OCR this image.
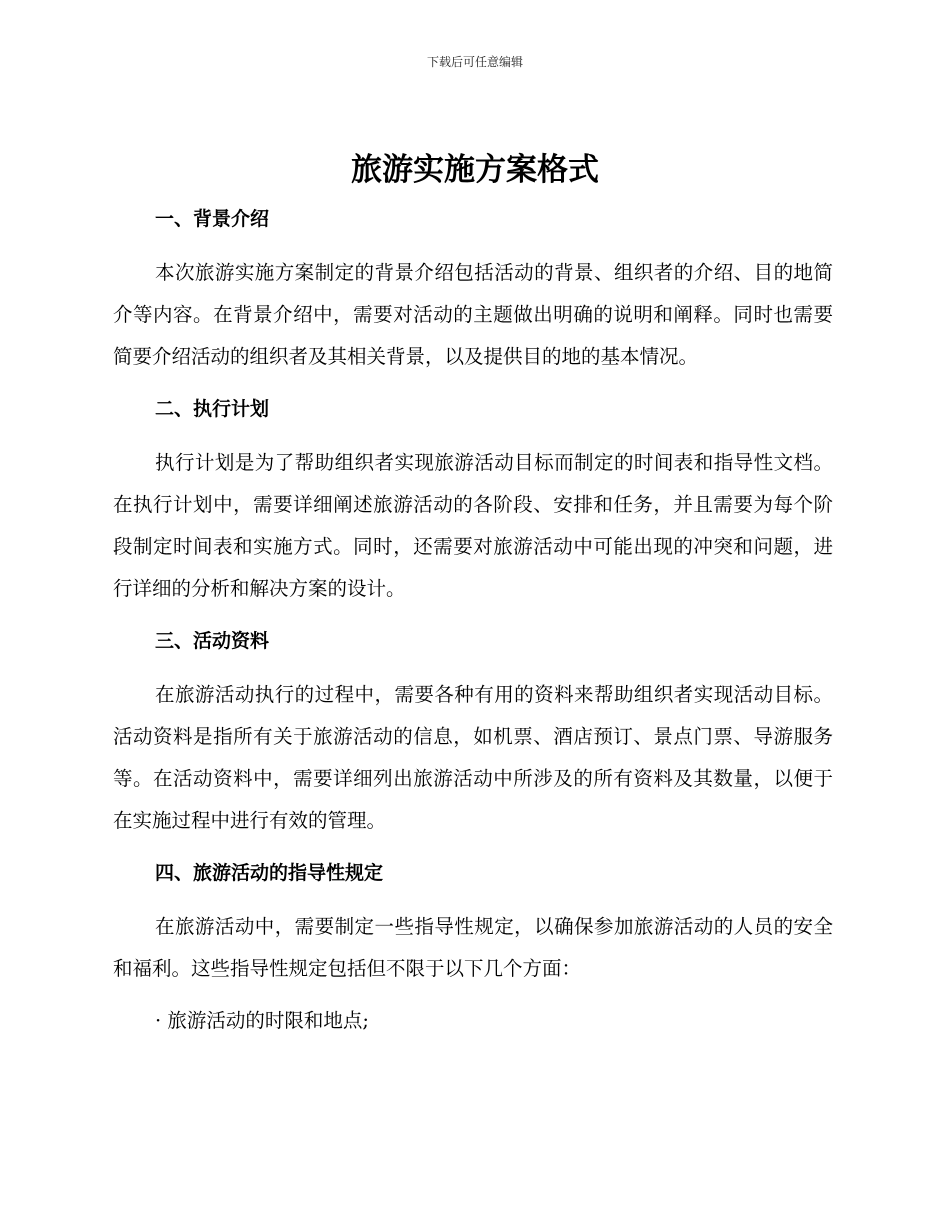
下载后可任意编辑
旅游实施方案格式

一、背景介绍

本次旅游实施方案制定的背景介绍包括活动的背景、组织者的介绍、目的地简介等内容。在背景介绍中，需要对活动的主题做出明确的说明和阐释。同时也需要简要介绍活动的组织者及其相关背景，以及提供目的地的基本情况。

二、执行计划

执行计划是为了帮助组织者实现旅游活动目标而制定的时间表和指导性文档。在执行计划中，需要详细阐述旅游活动的各阶段、安排和任务，并且需要为每个阶段制定时间表和实施方式。同时，还需要对旅游活动中可能出现的冲突和问题，进行详细的分析和解决方案的设计。

三、活动资料

在旅游活动执行的过程中，需要各种有用的资料来帮助组织者实现活动目标。活动资料是指所有关于旅游活动的信息，如机票、酒店预订、景点门票、导游服务等。在活动资料中，需要详细列出旅游活动中所涉及的所有资料及其数量，以便于在实施过程中进行有效的管理。

四、旅游活动的指导性规定

在旅游活动中，需要制定一些指导性规定，以确保参加旅游活动的人员的安全和福利。这些指导性规定包括但不限于以下几个方面：

· 旅游活动的时限和地点;
